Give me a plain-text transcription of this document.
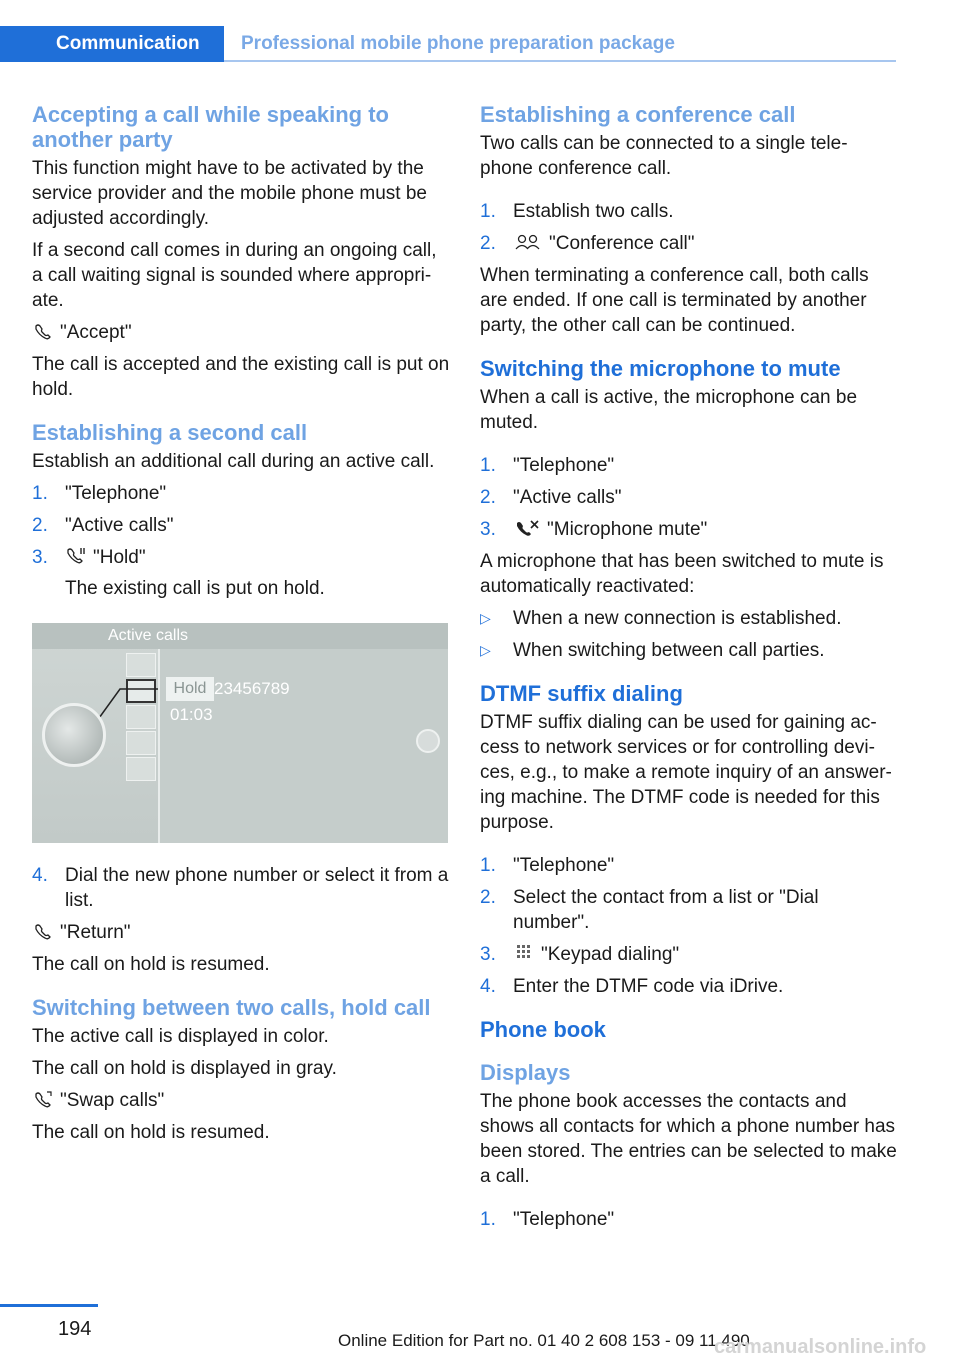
Communication	Professional mobile phone preparation package
Accepting a call while speaking to another party

This function might have to be activated by the service provider and the mobile phone must be adjusted accordingly.

If a second call comes in during an ongoing call, a call waiting signal is sounded where appropri-ate.

"Accept"

The call is accepted and the existing call is put on hold.

Establishing a second call

Establish an additional call during an active call.

1. "Telephone"
2. "Active calls"
3. "Hold"
The existing call is put on hold.
Active calls
Hold 23456789
01:03
4. Dial the new phone number or select it from a list.

"Return"

The call on hold is resumed.

Switching between two calls, hold call

The active call is displayed in color.

The call on hold is displayed in gray.

"Swap calls"

The call on hold is resumed.

Establishing a conference call

Two calls can be connected to a single tele-phone conference call.

1. Establish two calls.
2.	"Conference call"

When terminating a conference call, both calls are ended. If one call is terminated by another party, the other call can be continued.

Switching the microphone to mute

When a call is active, the microphone can be muted.

1. "Telephone"
2. "Active calls"
3.	"Microphone mute"

A microphone that has been switched to mute is automatically reactivated:

▷ When a new connection is established.
▷ When switching between call parties.
DTMF suffix dialing

DTMF suffix dialing can be used for gaining ac-cess to network services or for controlling devi-ces, e.g., to make a remote inquiry of an answer-ing machine. The DTMF code is needed for this purpose.

1. "Telephone"
2. Select the contact from a list or "Dial number".
3. "Keypad dialing"
4. Enter the DTMF code via iDrive.
Phone book
Displays

The phone book accesses the contacts and shows all contacts for which a phone number has been stored. The entries can be selected to make a call.

1. "Telephone"
194
Online Edition for Part no. 01 40 2 608 153 - 09 11 490
carmanualsonline.info
